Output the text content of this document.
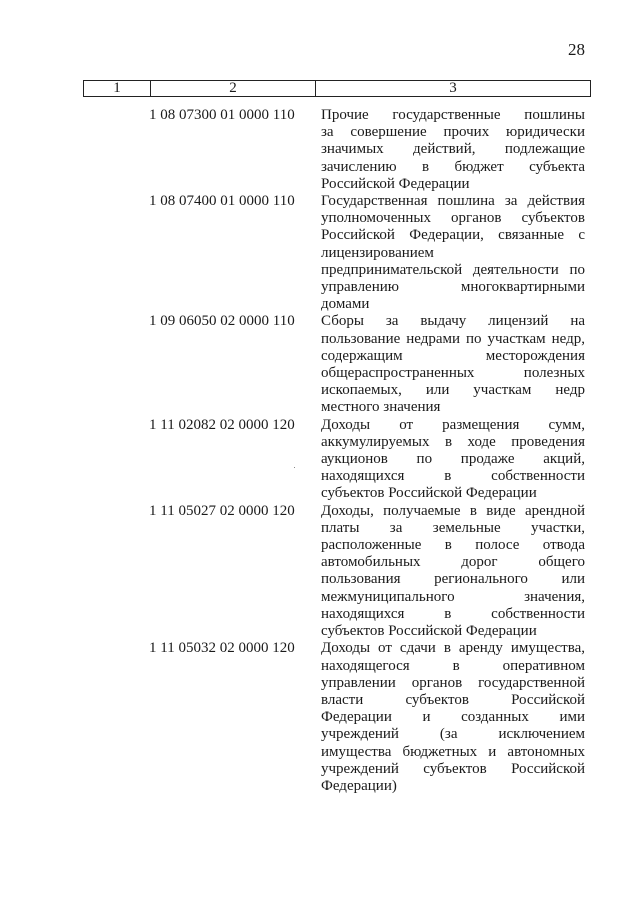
28
1	2	3
1 08 07300 01 0000 110	Прочие государственные пошлины
за совершение прочих юридически
значимых действий, подлежащие
зачислению в бюджет субъекта
Российской Федерации
1 08 07400 01 0000 110	Государственная пошлина за действия
уполномоченных органов субъектов
Российской Федерации, связанные с
лицензированием
предпринимательской деятельности по
управлению многоквартирными
домами
1 09 06050 02 0000 110	Сборы за выдачу лицензий на
пользование недрами по участкам недр,
содержащим месторождения
общераспространенных полезных
ископаемых, или участкам недр
местного значения
1 11 02082 02 0000 120	Доходы от размещения сумм,
аккумулируемых в ходе проведения
аукционов по продаже акций,
находящихся в собственности
субъектов Российской Федерации
1 11 05027 02 0000 120	Доходы, получаемые в виде арендной
платы за земельные участки,
расположенные в полосе отвода
автомобильных дорог общего
пользования регионального или
межмуниципального значения,
находящихся в собственности
субъектов Российской Федерации
1 11 05032 02 0000 120	Доходы от сдачи в аренду имущества,
находящегося в оперативном
управлении органов государственной
власти субъектов Российской
Федерации и созданных ими
учреждений (за исключением
имущества бюджетных и автономных
учреждений субъектов Российской
Федерации)
